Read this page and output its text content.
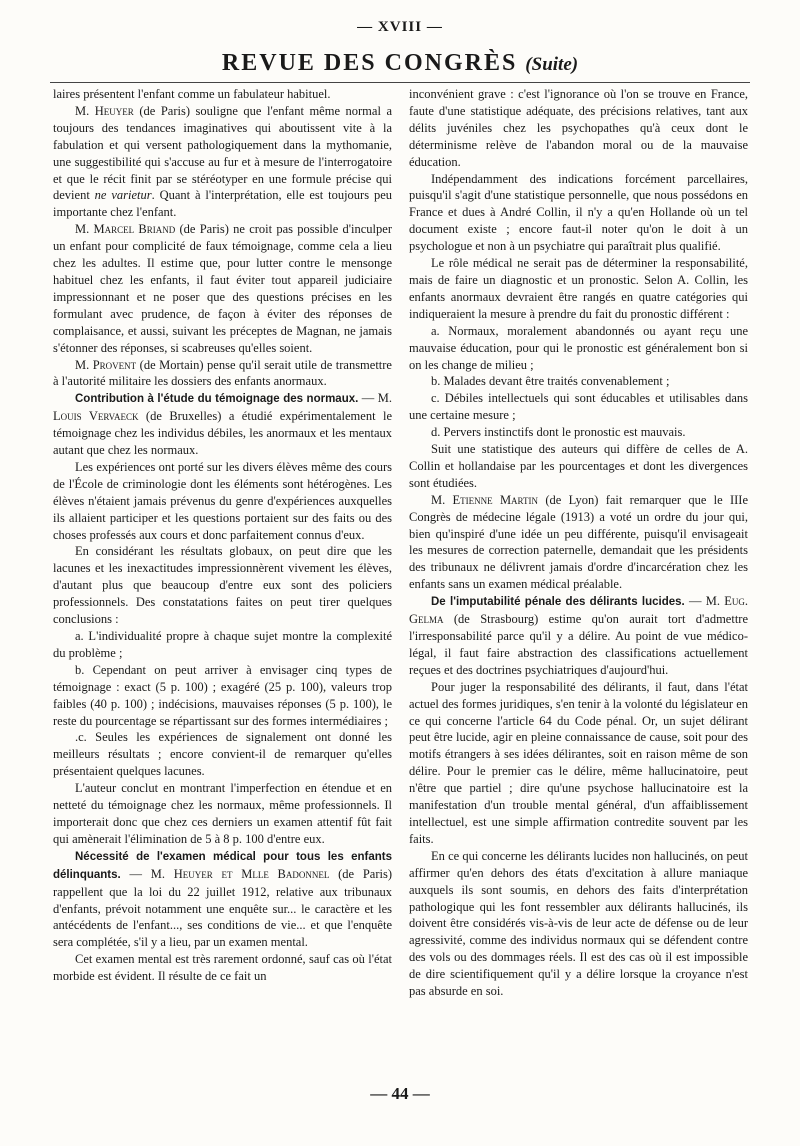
— XVIII —
REVUE DES CONGRÈS (Suite)

laires présentent l'enfant comme un fabulateur habituel.

M. Heuyer (de Paris) souligne que l'enfant même normal a toujours des tendances imaginatives qui aboutissent vite à la fabulation et qui versent pathologiquement dans la mythomanie, une suggestibilité qui s'accuse au fur et à mesure de l'interrogatoire et que le récit finit par se stéréotyper en une formule précise qui devient ne varietur. Quant à l'interprétation, elle est toujours peu importante chez l'enfant.

M. Marcel Briand (de Paris) ne croit pas possible d'inculper un enfant pour complicité de faux témoignage, comme cela a lieu chez les adultes. Il estime que, pour lutter contre le mensonge habituel chez les enfants, il faut éviter tout appareil judiciaire impressionnant et ne poser que des questions précises en les formulant avec prudence, de façon à éviter des réponses de complaisance, et aussi, suivant les préceptes de Magnan, ne jamais s'étonner des réponses, si scabreuses qu'elles soient.

M. Provent (de Mortain) pense qu'il serait utile de transmettre à l'autorité militaire les dossiers des enfants anormaux.

Contribution à l'étude du témoignage des normaux. — M. Louis Vervaeck (de Bruxelles) a étudié expérimentalement le témoignage chez les individus débiles, les anormaux et les mentaux autant que chez les normaux.

Les expériences ont porté sur les divers élèves même des cours de l'École de criminologie dont les éléments sont hétérogènes. Les élèves n'étaient jamais prévenus du genre d'expériences auxquelles ils allaient participer et les questions portaient sur des faits ou des choses professés aux cours et donc parfaitement connus d'eux.

En considérant les résultats globaux, on peut dire que les lacunes et les inexactitudes impressionnèrent vivement les élèves, d'autant plus que beaucoup d'entre eux sont des policiers professionnels. Des constatations faites on peut tirer quelques conclusions :

a. L'individualité propre à chaque sujet montre la complexité du problème ;

b. Cependant on peut arriver à envisager cinq types de témoignage : exact (5 p. 100) ; exagéré (25 p. 100), valeurs trop faibles (40 p. 100) ; indécisions, mauvaises réponses (5 p. 100), le reste du pourcentage se répartissant sur des formes intermédiaires ;

.c. Seules les expériences de signalement ont donné les meilleurs résultats ; encore convient-il de remarquer qu'elles présentaient quelques lacunes.

L'auteur conclut en montrant l'imperfection en étendue et en netteté du témoignage chez les normaux, même professionnels. Il importerait donc que chez ces derniers un examen attentif fût fait qui amènerait l'élimination de 5 à 8 p. 100 d'entre eux.

Nécessité de l'examen médical pour tous les enfants délinquants. — M. Heuyer et Mlle Badonnel (de Paris) rappellent que la loi du 22 juillet 1912, relative aux tribunaux d'enfants, prévoit notamment une enquête sur... le caractère et les antécédents de l'enfant..., ses conditions de vie... et que l'enquête sera complétée, s'il y a lieu, par un examen mental.

Cet examen mental est très rarement ordonné, sauf cas où l'état morbide est évident. Il résulte de ce fait un

inconvénient grave : c'est l'ignorance où l'on se trouve en France, faute d'une statistique adéquate, des précisions relatives, tant aux délits juvéniles chez les psychopathes qu'à ceux dont le déterminisme relève de l'abandon moral ou de la mauvaise éducation.

Indépendamment des indications forcément parcellaires, puisqu'il s'agit d'une statistique personnelle, que nous possédons en France et dues à André Collin, il n'y a qu'en Hollande où un tel document existe ; encore faut-il noter qu'on le doit à un psychologue et non à un psychiatre qui paraîtrait plus qualifié.

Le rôle médical ne serait pas de déterminer la responsabilité, mais de faire un diagnostic et un pronostic. Selon A. Collin, les enfants anormaux devraient être rangés en quatre catégories qui indiqueraient la mesure à prendre du fait du pronostic différent :

a. Normaux, moralement abandonnés ou ayant reçu une mauvaise éducation, pour qui le pronostic est généralement bon si on les change de milieu ;

b. Malades devant être traités convenablement ;

c. Débiles intellectuels qui sont éducables et utilisables dans une certaine mesure ;

d. Pervers instinctifs dont le pronostic est mauvais.

Suit une statistique des auteurs qui diffère de celles de A. Collin et hollandaise par les pourcentages et dont les divergences sont étudiées.

M. Etienne Martin (de Lyon) fait remarquer que le IIIe Congrès de médecine légale (1913) a voté un ordre du jour qui, bien qu'inspiré d'une idée un peu différente, puisqu'il envisageait les mesures de correction paternelle, demandait que les présidents des tribunaux ne délivrent jamais d'ordre d'incarcération chez les enfants sans un examen médical préalable.

De l'imputabilité pénale des délirants lucides. — M. Eug. Gelma (de Strasbourg) estime qu'on aurait tort d'admettre l'irresponsabilité parce qu'il y a délire. Au point de vue médico-légal, il faut faire abstraction des classifications actuellement reçues et des doctrines psychiatriques d'aujourd'hui.

Pour juger la responsabilité des délirants, il faut, dans l'état actuel des formes juridiques, s'en tenir à la volonté du législateur en ce qui concerne l'article 64 du Code pénal. Or, un sujet délirant peut être lucide, agir en pleine connaissance de cause, soit pour des motifs étrangers à ses idées délirantes, soit en raison même de son délire. Pour le premier cas le délire, même hallucinatoire, peut n'être que partiel ; dire qu'une psychose hallucinatoire est la manifestation d'un trouble mental général, d'un affaiblissement intellectuel, est une simple affirmation contredite souvent par les faits.

En ce qui concerne les délirants lucides non hallucinés, on peut affirmer qu'en dehors des états d'excitation à allure maniaque auxquels ils sont soumis, en dehors des faits d'interprétation pathologique qui les font ressembler aux délirants hallucinés, ils doivent être considérés vis-à-vis de leur acte de défense ou de leur agressivité, comme des individus normaux qui se défendent contre des vols ou des dommages réels. Il est des cas où il est impossible de dire scientifiquement qu'il y a délire lorsque la croyance n'est pas absurde en soi.

— 44 —
